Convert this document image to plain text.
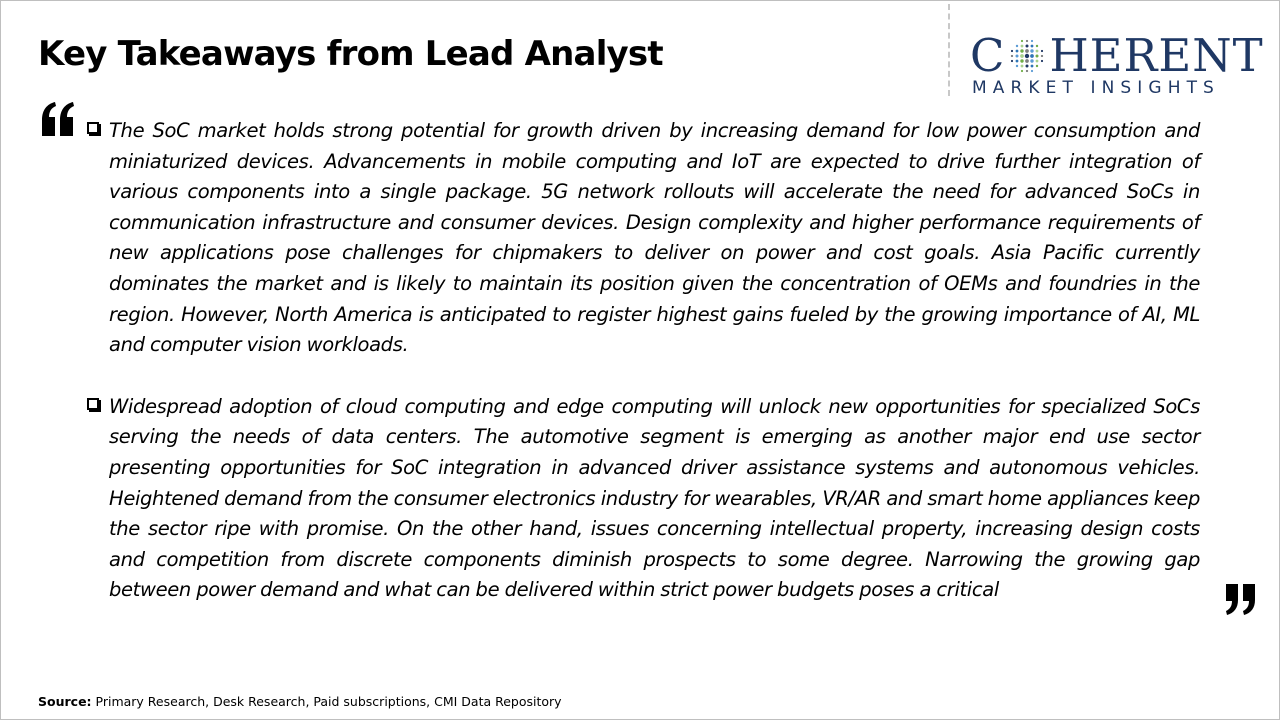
Key Takeaways from Lead Analyst	C HERENT
MARKET INSIGHTS

The SoC market holds strong potential for growth driven by increasing demand for low power consumption and miniaturized devices. Advancements in mobile computing and IoT are expected to drive further integration of various components into a single package. 5G network rollouts will accelerate the need for advanced SoCs in communication infrastructure and consumer devices. Design complexity and higher performance requirements of new applications pose challenges for chipmakers to deliver on power and cost goals. Asia Pacific currently dominates the market and is likely to maintain its position given the concentration of OEMs and foundries in the region. However, North America is anticipated to register highest gains fueled by the growing importance of AI, ML and computer vision workloads.

Widespread adoption of cloud computing and edge computing will unlock new opportunities for specialized SoCs serving the needs of data centers. The automotive segment is emerging as another major end use sector presenting opportunities for SoC integration in advanced driver assistance systems and autonomous vehicles. Heightened demand from the consumer electronics industry for wearables, VR/AR and smart home appliances keep the sector ripe with promise. On the other hand, issues concerning intellectual property, increasing design costs and competition from discrete components diminish prospects to some degree. Narrowing the growing gap between power demand and what can be delivered within strict power budgets poses a critical

Source: Primary Research, Desk Research, Paid subscriptions, CMI Data Repository
